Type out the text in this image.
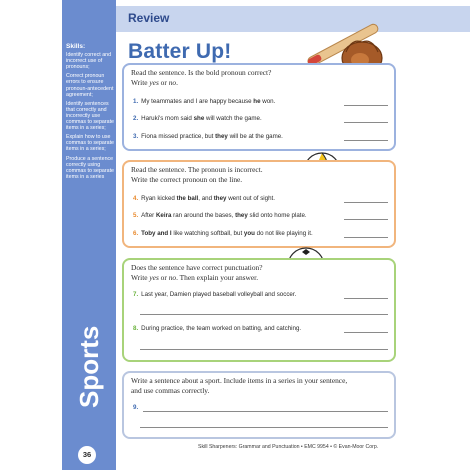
Skills:
Identify correct and incorrect use of pronouns;
Correct pronoun errors to ensure pronoun-antecedent agreement;
Identify sentences that correctly and incorrectly use commas to separate items in a series;
Explain how to use commas to separate items in a series;
Produce a sentence correctly using commas to separate items in a series
Sports
36
Review
Batter Up!
Read the sentence. Is the bold pronoun correct?
Write yes or no.
1. My teammates and I are happy because he won.
2. Haruki's mom said she will watch the game.
3. Fiona missed practice, but they will be at the game.
Read the sentence. The pronoun is incorrect.
Write the correct pronoun on the line.
4. Ryan kicked the ball, and they went out of sight.
5. After Keira ran around the bases, they slid onto home plate.
6. Toby and I like watching softball, but you do not like playing it.
Does the sentence have correct punctuation?
Write yes or no. Then explain your answer.
7. Last year, Damien played baseball volleyball and soccer.
8. During practice, the team worked on batting, and catching.
Write a sentence about a sport. Include items in a series in your sentence,
and use commas correctly.
9.
Skill Sharpeners: Grammar and Punctuation • EMC 9954 • © Evan-Moor Corp.
